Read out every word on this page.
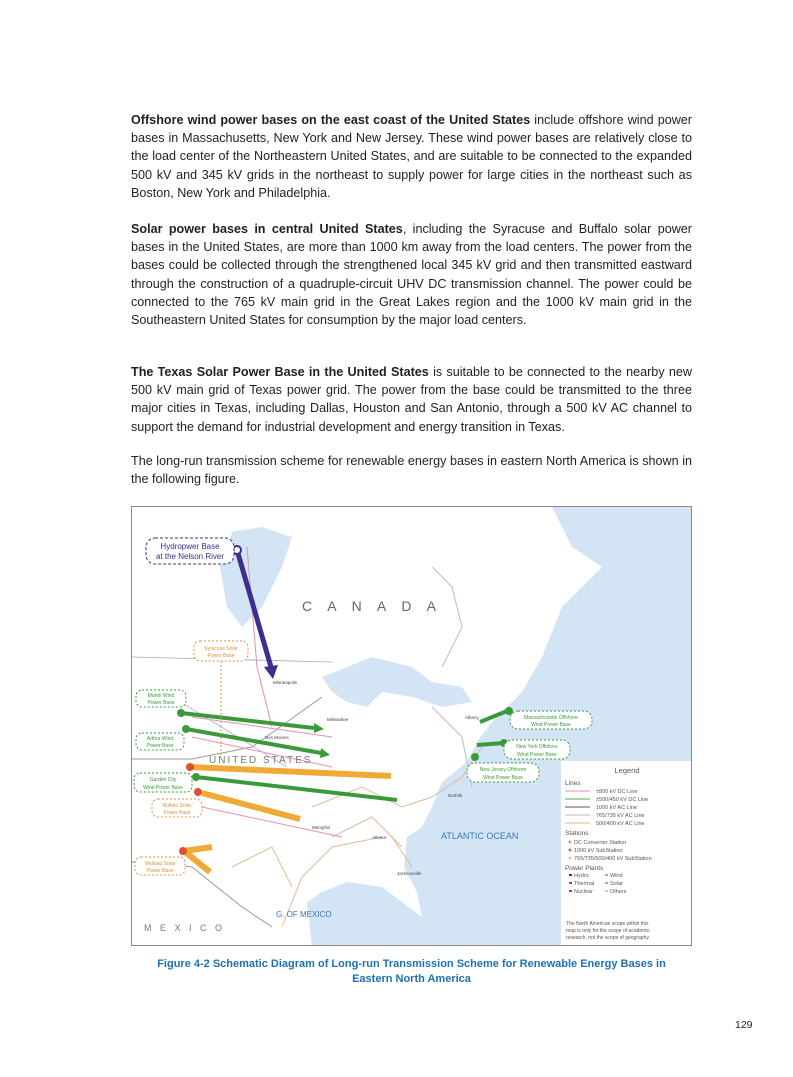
Offshore wind power bases on the east coast of the United States include offshore wind power bases in Massachusetts, New York and New Jersey. These wind power bases are relatively close to the load center of the Northeastern United States, and are suitable to be connected to the expanded 500 kV and 345 kV grids in the northeast to supply power for large cities in the northeast such as Boston, New York and Philadelphia.

Solar power bases in central United States, including the Syracuse and Buffalo solar power bases in the United States, are more than 1000 km away from the load centers. The power from the bases could be collected through the strengthened local 345 kV grid and then transmitted eastward through the construction of a quadruple-circuit UHV DC transmission channel. The power could be connected to the 765 kV main grid in the Great Lakes region and the 1000 kV main grid in the Southeastern United States for consumption by the major load centers.

The Texas Solar Power Base in the United States is suitable to be connected to the nearby new 500 kV main grid of Texas power grid. The power from the base could be transmitted to the three major cities in Texas, including Dallas, Houston and San Antonio, through a 500 kV AC channel to support the demand for industrial development and energy transition in Texas.

The long-run transmission scheme for renewable energy bases in eastern North America is shown in the following figure.

C A N A D A
UNITED STATES
M E X I C O
ATLANTIC OCEAN
G. OF MEXICO
Minneapolis
Des Moines
Milwaukee	Albany
Norfolk
Jacksonville
Atlanta
Memphis
Hydropwer Base
at the Nelson River
Syracuse Solar
Power Base
Martin Wind
Power Base
Arthur Wind
Power Base
Garden City
Wind Power Base
Buffalo Solar
Power Base
Midland Solar
Power Base
Massachusetts Offshore
Wind Power Base
New York Offshore
Wind Power Base
New Jersey Offshore
Wind Power Base
Legend
Lines
±800 kV DC Line
±500/450 kV DC Line
1000 kV AC Line
765/735 kV AC Line
500/400 kV AC Line
Stations
DC Converter Station
1000 kV SubStation
765/735/500/400 kV SubStation
Power Plants
Hydro	Wind
Thermal	Solar
Nuclear	Others
The North American scope within this
map is only for the scope of academic
research, not the scope of geography.
Figure 4-2 Schematic Diagram of Long-run Transmission Scheme for Renewable Energy Bases in
Eastern North America
129
